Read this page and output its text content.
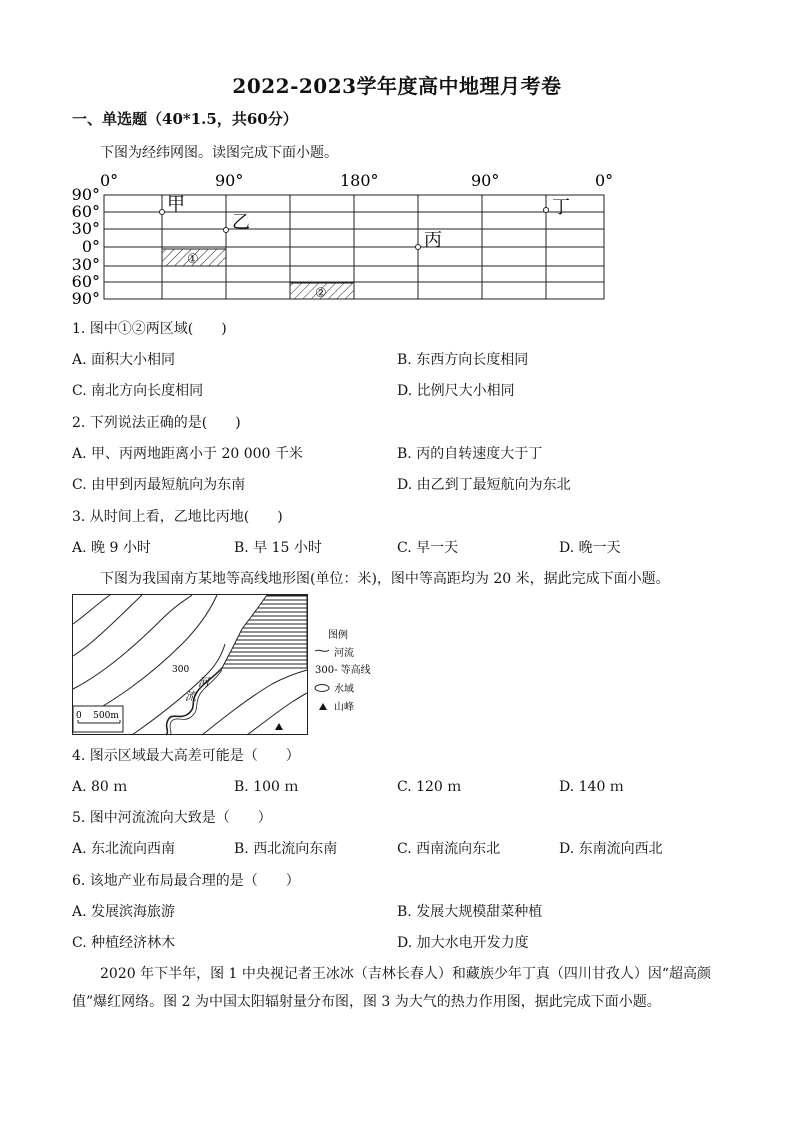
2022-2023学年度高中地理月考卷
一、单选题（40*1.5，共60分）
下图为经纬网图。读图完成下面小题。
0°	90°	180°	90°	0°
90°
60°
30°
0°
30°
60°
90°
①
②
甲
乙
丙
丁
1. 图中①②两区域(　　)
A. 面积大小相同	B. 东西方向长度相同
C. 南北方向长度相同	D. 比例尺大小相同
2. 下列说法正确的是(　　)
A. 甲、丙两地距离小于 20 000 千米	B. 丙的自转速度大于丁
C. 由甲到丙最短航向为东南	D. 由乙到丁最短航向为东北
3. 从时间上看，乙地比丙地(　　)
A. 晚 9 小时	B. 早 15 小时	C. 早一天	D. 晚一天
下图为我国南方某地等高线地形图(单位：米)，图中等高距均为 20 米，据此完成下面小题。
300
河
流
0    500m
图例
河流
300- 等高线
水域
山峰
4. 图示区域最大高差可能是（　　）
A. 80 ｍ	B. 100 ｍ	C. 120 ｍ	D. 140 ｍ
5. 图中河流流向大致是（　　）
A. 东北流向西南	B. 西北流向东南	C. 西南流向东北	D. 东南流向西北
6. 该地产业布局最合理的是（　　）
A. 发展滨海旅游	B. 发展大规模甜菜种植
C. 种植经济林木	D. 加大水电开发力度
2020 年下半年，图 1 中央视记者王冰冰（吉林长春人）和藏族少年丁真（四川甘孜人）因“超高颜值”爆红网络。图 2 为中国太阳辐射量分布图，图 3 为大气的热力作用图，据此完成下面小题。
